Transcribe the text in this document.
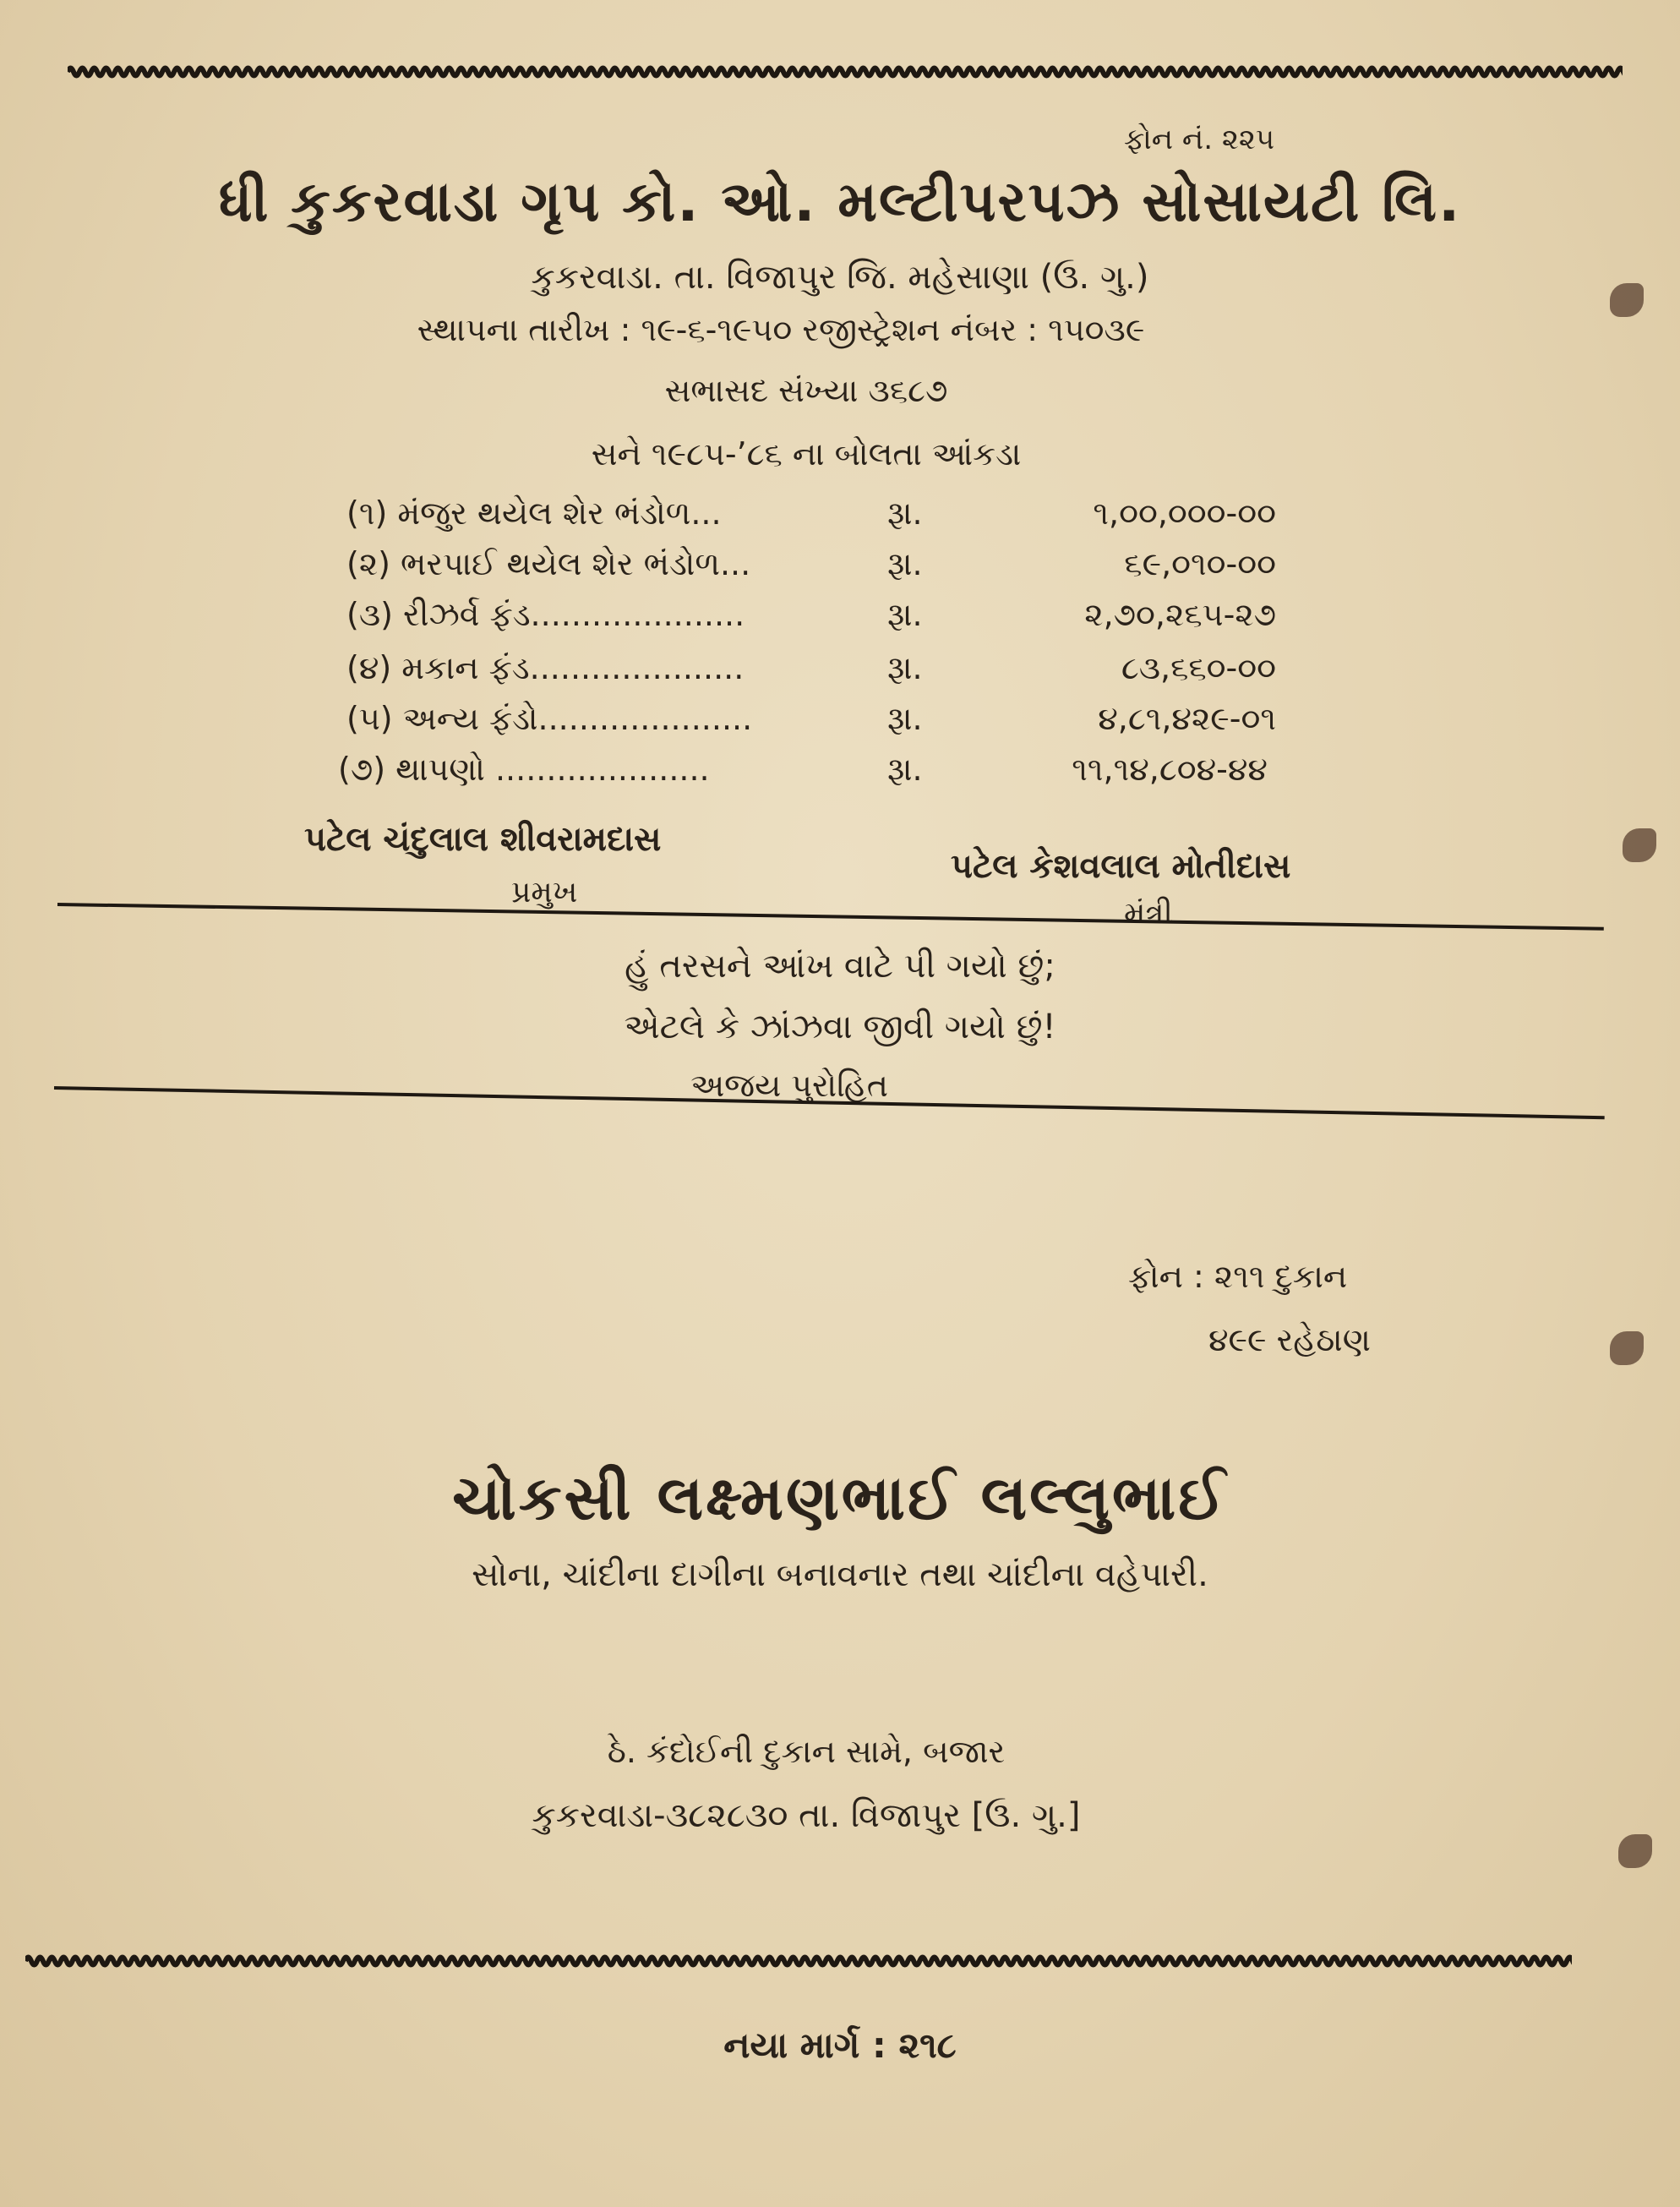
ફોન નં. ૨૨૫
ધી કુકરવાડા ગૃપ કો. ઓ. મલ્ટીપરપઝ સોસાયટી લિ.
કુકરવાડા. તા. વિજાપુર જિ. મહેસાણા (ઉ. ગુ.)
સ્થાપના તારીખ : ૧૯-૬-૧૯૫૦ રજીસ્ટ્રેશન નંબર : ૧૫૦૩૯
સભાસદ સંખ્યા ૩૬૮૭
સને ૧૯૮૫-’૮૬ ના બોલતા આંકડા
(૧) મંજુર થયેલ શેર ભંડોળ...	રૂા.	૧,૦૦,૦૦૦-૦૦
(૨) ભરપાઈ થયેલ શેર ભંડોળ...	રૂા.	૬૯,૦૧૦-૦૦
(૩) રીઝર્વ ફંડ.....................	રૂા.	૨,૭૦,૨૬૫-૨૭
(૪) મકાન ફંડ.....................	રૂા.	૮૩,૬૬૦-૦૦
(૫) અન્ય ફંડો.....................	રૂા.	૪,૮૧,૪૨૯-૦૧
(૭) થાપણો .....................	રૂા.	૧૧,૧૪,૮૦૪-૪૪
પટેલ ચંદુલાલ શીવરામદાસ
પ્રમુખ
પટેલ કેશવલાલ મોતીદાસ
મંત્રી
હું તરસને આંખ વાટે પી ગયો છું;
એટલે કે ઝાંઝવા જીવી ગયો છું!
અજય પુરોહિત
ફોન : ૨૧૧ દુકાન
૪૯૯ રહેઠાણ
ચોકસી લક્ષ્મણભાઈ લલ્લુભાઈ
સોના, ચાંદીના દાગીના બનાવનાર તથા ચાંદીના વહેપારી.
ઠે. કંદોઈની દુકાન સામે, બજાર
કુકરવાડા-૩૮૨૮૩૦ તા. વિજાપુર [ઉ. ગુ.]
નયા માર્ગ : ૨૧૮
